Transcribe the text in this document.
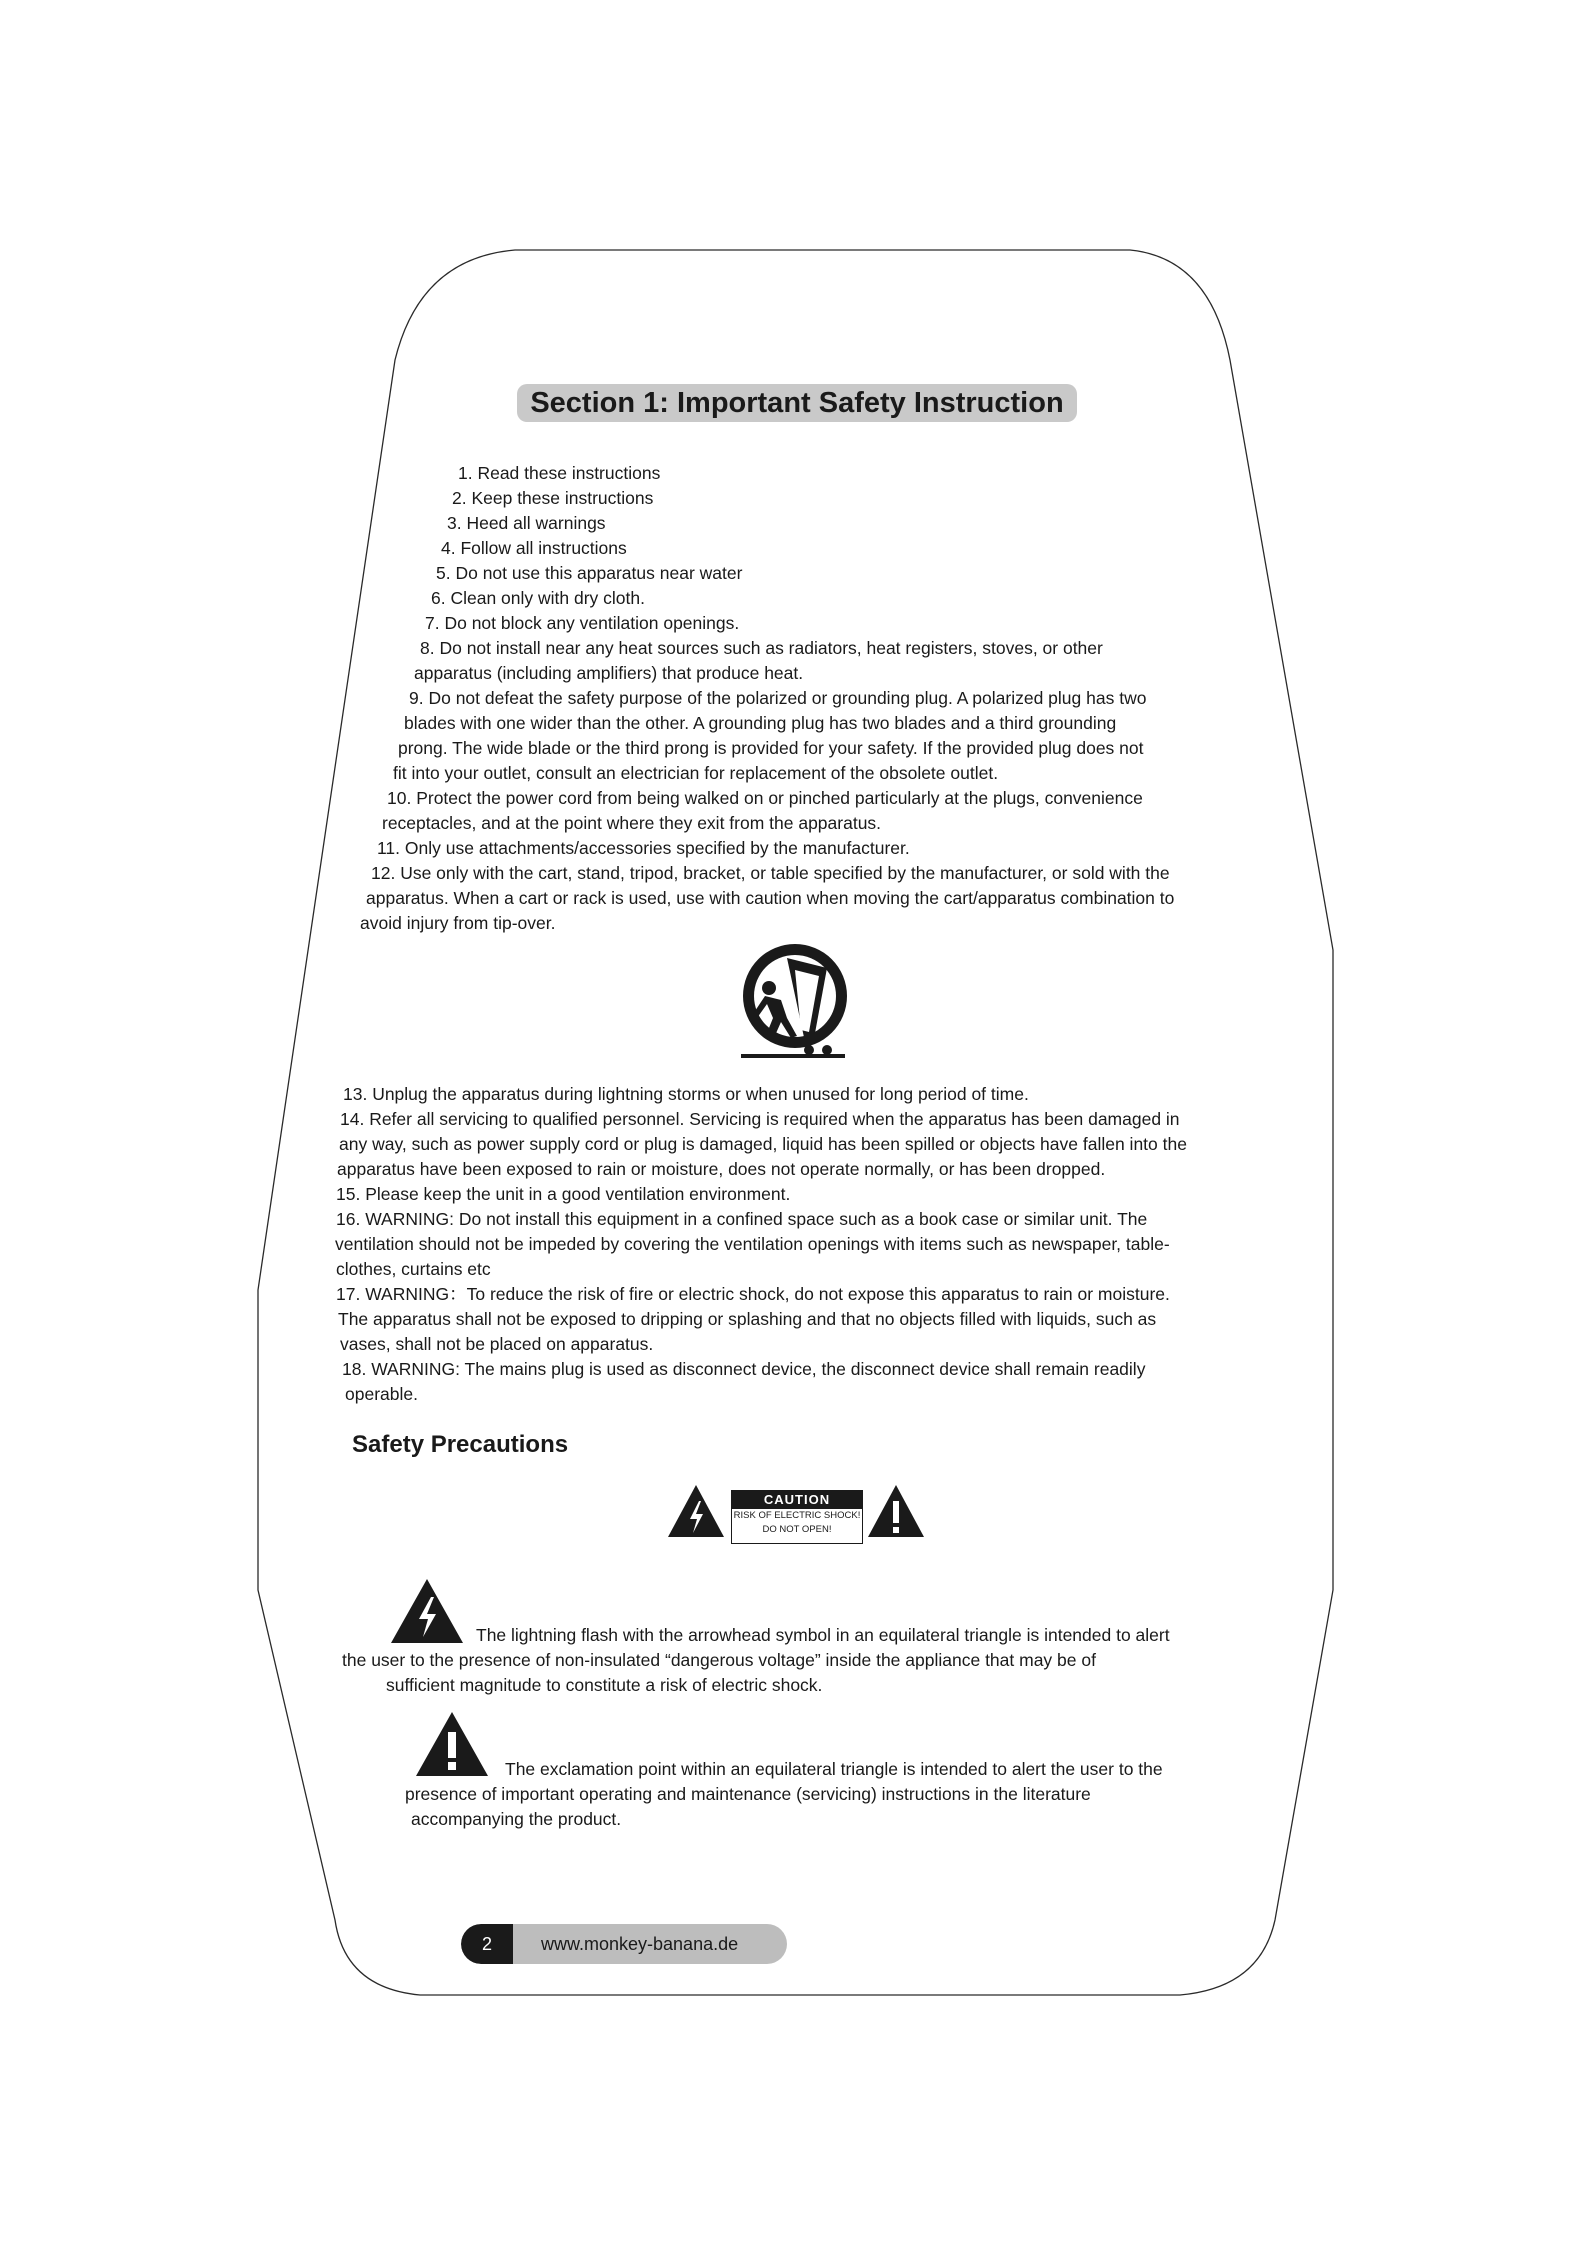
Section 1: Important Safety Instruction
1. Read these instructions
2. Keep these instructions
3. Heed all warnings
4. Follow all instructions
5. Do not use this apparatus near water
6. Clean only with dry cloth.
7. Do not block any ventilation openings.
8. Do not install near any heat sources such as radiators, heat registers, stoves, or other
apparatus (including amplifiers) that produce heat.
9. Do not defeat the safety purpose of the polarized or grounding plug. A polarized plug has two
blades with one wider than the other. A grounding plug has two blades and a third grounding
prong. The wide blade or the third prong is provided for your safety. If the provided plug does not
fit into your outlet, consult an electrician for replacement of the obsolete outlet.
10. Protect the power cord from being walked on or pinched particularly at the plugs, convenience
receptacles, and at the point where they exit from the apparatus.
11. Only use attachments/accessories specified by the manufacturer.
12. Use only with the cart, stand, tripod, bracket, or table specified by the manufacturer, or sold with the
apparatus. When a cart or rack is used, use with caution when moving the cart/apparatus combination to
avoid injury from tip-over.
13. Unplug the apparatus during lightning storms or when unused for long period of time.
14. Refer all servicing to qualified personnel. Servicing is required when the apparatus has been damaged in
any way, such as power supply cord or plug is damaged, liquid has been spilled or objects have fallen into the
apparatus have been exposed to rain or moisture, does not operate normally, or has been dropped.
15. Please keep the unit in a good ventilation environment.
16. WARNING: Do not install this equipment in a confined space such as a book case or similar unit. The
ventilation should not be impeded by covering the ventilation openings with items such as newspaper, table-
clothes, curtains etc
17. WARNING：To reduce the risk of fire or electric shock, do not expose this apparatus to rain or moisture.
The apparatus shall not be exposed to dripping or splashing and that no objects filled with liquids, such as
vases, shall not be placed on apparatus.
18. WARNING: The mains plug is used as disconnect device, the disconnect device shall remain readily
operable.
Safety Precautions
CAUTION
RISK OF ELECTRIC SHOCK!
DO NOT OPEN!
The lightning flash with the arrowhead symbol in an equilateral triangle is intended to alert
the user to the presence of non-insulated “dangerous voltage” inside the appliance that may be of
sufficient magnitude to constitute a risk of electric shock.
The exclamation point within an equilateral triangle is intended to alert the user to the
presence of important operating and maintenance (servicing) instructions in the literature
accompanying the product.
2	www.monkey-banana.de
